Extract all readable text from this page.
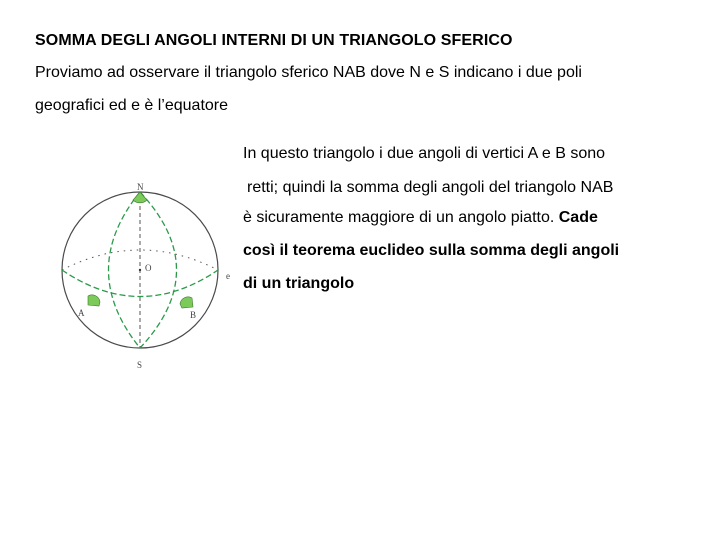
SOMMA DEGLI ANGOLI INTERNI DI UN TRIANGOLO SFERICO
Proviamo ad osservare il triangolo sferico NAB dove N e S indicano i due poli
geografici ed e è l’equatore
In questo triangolo i due angoli di vertici A e B sono
retti; quindi la somma degli angoli del triangolo NAB
è sicuramente maggiore di un angolo piatto. Cade
così il teorema euclideo sulla somma degli angoli
di un triangolo
N
S
O
A	B
e
